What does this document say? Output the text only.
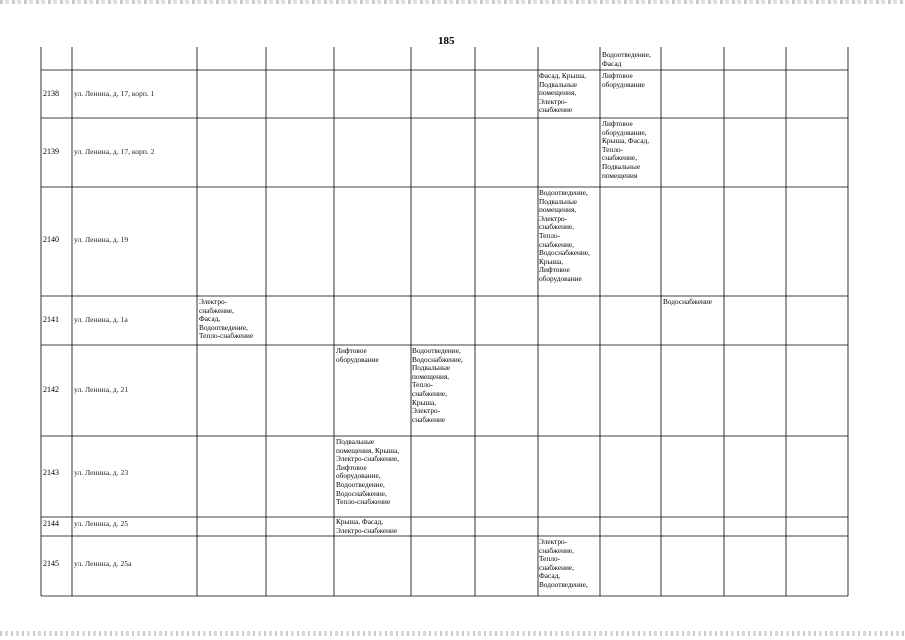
185
Водоотведение,
Фасад
2138 ул. Ленина, д. 17, корп. 1
Фасад, Крыша,
Подвальные
помещения,
Электро-
снабжение
Лифтовое
оборудование
2139 ул. Ленина, д. 17, корп. 2
Лифтовое
оборудование,
Крыша, Фасад,
Тепло-
снабжение,
Подвальные
помещения
2140 ул. Ленина, д. 19
Водоотведение,
Подвальные
помещения,
Электро-
снабжение,
Тепло-
снабжение,
Водоснабжение,
Крыша,
Лифтовое
оборудование
2141 ул. Ленина, д. 1а
Электро-
снабжение,
Фасад,
Водоотведение,
Тепло-снабжение
Водоснабжение
2142 ул. Ленина, д. 21
Лифтовое
оборудование
Водоотведение,
Водоснабжение,
Подвальные
помещения,
Тепло-
снабжение,
Крыша,
Электро-
снабжение
2143 ул. Ленина, д. 23
Подвальные
помещения, Крыша,
Электро-снабжение,
Лифтовое
оборудование,
Водоотведение,
Водоснабжение,
Тепло-снабжение
2144 ул. Ленина, д. 25	Крыша, Фасад,
Электро-снабжение
2145 ул. Ленина, д. 25а
Электро-
снабжение,
Тепло-
снабжение,
Фасад,
Водоотведение,
